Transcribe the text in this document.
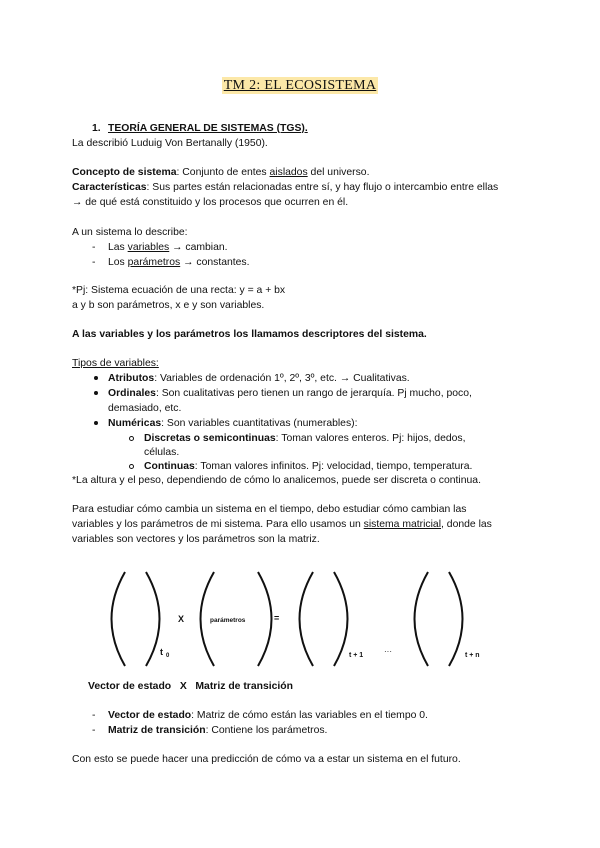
TM 2: EL ECOSISTEMA
1. TEORÍA GENERAL DE SISTEMAS (TGS).
La describió Luduig Von Bertanally (1950).
Concepto de sistema: Conjunto de entes aislados del universo.
Características: Sus partes están relacionadas entre sí, y hay flujo o intercambio entre ellas
→ de qué está constituido y los procesos que ocurren en él.
A un sistema lo describe:
- Las variables → cambian.
- Los parámetros → constantes.
*Pj: Sistema ecuación de una recta: y = a + bx
a y b son parámetros, x e y son variables.
A las variables y los parámetros los llamamos descriptores del sistema.
Tipos de variables:
Atributos: Variables de ordenación 1º, 2º, 3º, etc. → Cualitativas.
Ordinales: Son cualitativas pero tienen un rango de jerarquía. Pj mucho, poco,
demasiado, etc.
Numéricas: Son variables cuantitativas (numerables):
Discretas o semicontinuas: Toman valores enteros. Pj: hijos, dedos,
células.
Continuas: Toman valores infinitos. Pj: velocidad, tiempo, temperatura.
*La altura y el peso, dependiendo de cómo lo analicemos, puede ser discreta o continua.
Para estudiar cómo cambia un sistema en el tiempo, debo estudiar cómo cambian las
variables y los parámetros de mi sistema. Para ello usamos un sistema matricial, donde las
variables son vectores y los parámetros son la matriz.
X	parámetros	=
t 0	t + 1	···	t + n
Vector de estado   X   Matriz de transición
- Vector de estado: Matriz de cómo están las variables en el tiempo 0.
- Matriz de transición: Contiene los parámetros.
Con esto se puede hacer una predicción de cómo va a estar un sistema en el futuro.
